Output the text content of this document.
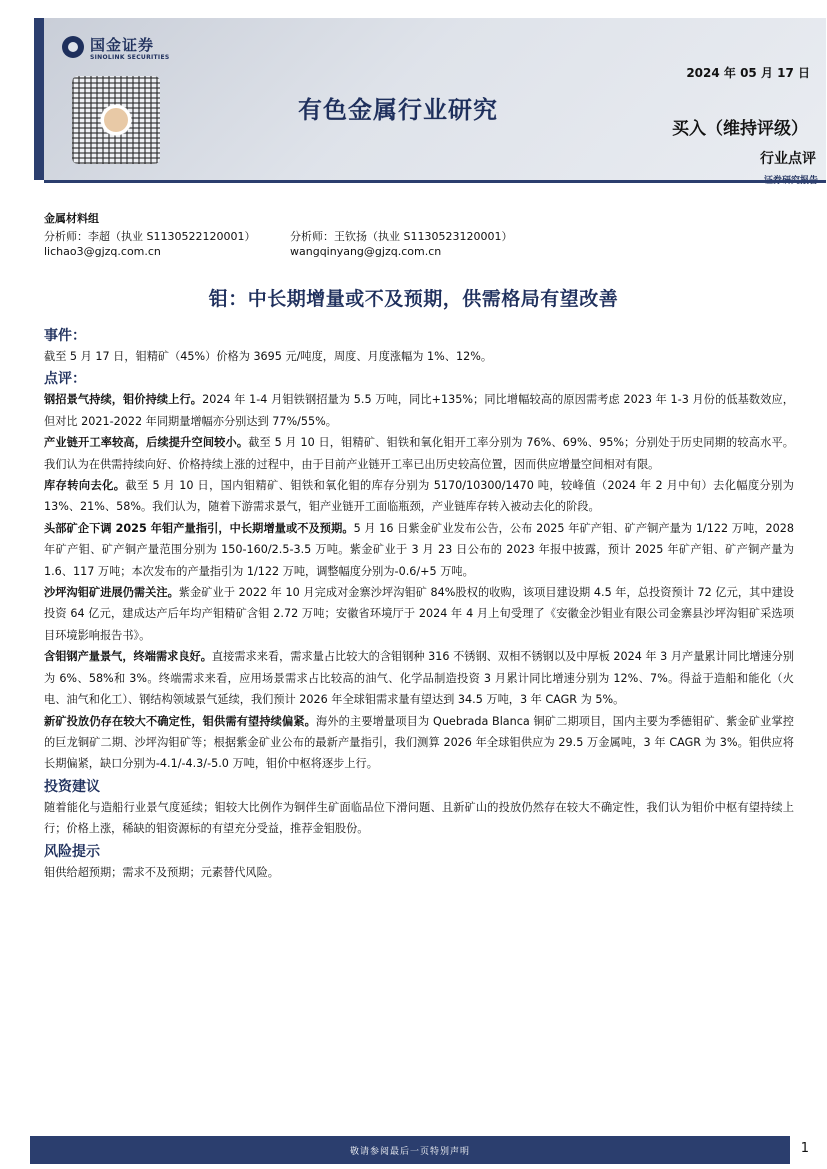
2024 年 05 月 17 日
买入（维持评级）
行业点评
国金证券
SINOLINK SECURITIES
有色金属行业研究
金属材料组
分析师：李超（执业 S1130522120001）
lichao3@gjzq.com.cn
分析师：王钦扬（执业 S1130523120001）
wangqinyang@gjzq.com.cn
钼：中长期增量或不及预期，供需格局有望改善
事件：
截至 5 月 17 日，钼精矿（45%）价格为 3695 元/吨度，周度、月度涨幅为 1%、12%。
点评：
钢招景气持续，钼价持续上行。2024 年 1-4 月钼铁钢招量为 5.5 万吨，同比+135%；同比增幅较高的原因需考虑 2023 年 1-3 月份的低基数效应，但对比 2021-2022 年同期量增幅亦分别达到 77%/55%。
产业链开工率较高，后续提升空间较小。截至 5 月 10 日，钼精矿、钼铁和氧化钼开工率分别为 76%、69%、95%；分别处于历史同期的较高水平。我们认为在供需持续向好、价格持续上涨的过程中，由于目前产业链开工率已出历史较高位置，因而供应增量空间相对有限。
库存转向去化。截至 5 月 10 日，国内钼精矿、钼铁和氧化钼的库存分别为 5170/10300/1470 吨，较峰值（2024 年 2 月中旬）去化幅度分别为 13%、21%、58%。我们认为，随着下游需求景气，钼产业链开工面临瓶颈，产业链库存转入被动去化的阶段。
头部矿企下调 2025 年钼产量指引，中长期增量或不及预期。5 月 16 日紫金矿业发布公告，公布 2025 年矿产钼、矿产铜产量为 1/122 万吨，2028 年矿产钼、矿产铜产量范围分别为 150-160/2.5-3.5 万吨。紫金矿业于 3 月 23 日公布的 2023 年报中披露，预计 2025 年矿产钼、矿产铜产量为 1.6、117 万吨；本次发布的产量指引为 1/122 万吨，调整幅度分别为-0.6/+5 万吨。
沙坪沟钼矿进展仍需关注。紫金矿业于 2022 年 10 月完成对金寨沙坪沟钼矿 84%股权的收购，该项目建设期 4.5 年，总投资预计 72 亿元，其中建设投资 64 亿元，建成达产后年均产钼精矿含钼 2.72 万吨；安徽省环境厅于 2024 年 4 月上旬受理了《安徽金沙钼业有限公司金寨县沙坪沟钼矿采选项目环境影响报告书》。
含钼钢产量景气，终端需求良好。直接需求来看，需求量占比较大的含钼钢种 316 不锈钢、双相不锈钢以及中厚板 2024 年 3 月产量累计同比增速分别为 6%、58%和 3%。终端需求来看，应用场景需求占比较高的油气、化学品制造投资 3 月累计同比增速分别为 12%、7%。得益于造船和能化（火电、油气和化工）、钢结构领域景气延续，我们预计 2026 年全球钼需求量有望达到 34.5 万吨，3 年 CAGR 为 5%。
新矿投放仍存在较大不确定性，钼供需有望持续偏紧。海外的主要增量项目为 Quebrada Blanca 铜矿二期项目，国内主要为季德钼矿、紫金矿业掌控的巨龙铜矿二期、沙坪沟钼矿等；根据紫金矿业公布的最新产量指引，我们测算 2026 年全球钼供应为 29.5 万金属吨，3 年 CAGR 为 3%。钼供应将长期偏紧，缺口分别为-4.1/-4.3/-5.0 万吨，钼价中枢将逐步上行。
投资建议
随着能化与造船行业景气度延续；钼较大比例作为铜伴生矿面临品位下滑问题、且新矿山的投放仍然存在较大不确定性，我们认为钼价中枢有望持续上行；价格上涨，稀缺的钼资源标的有望充分受益，推荐金钼股份。
风险提示
钼供给超预期；需求不及预期；元素替代风险。
敬请参阅最后一页特别声明	1
